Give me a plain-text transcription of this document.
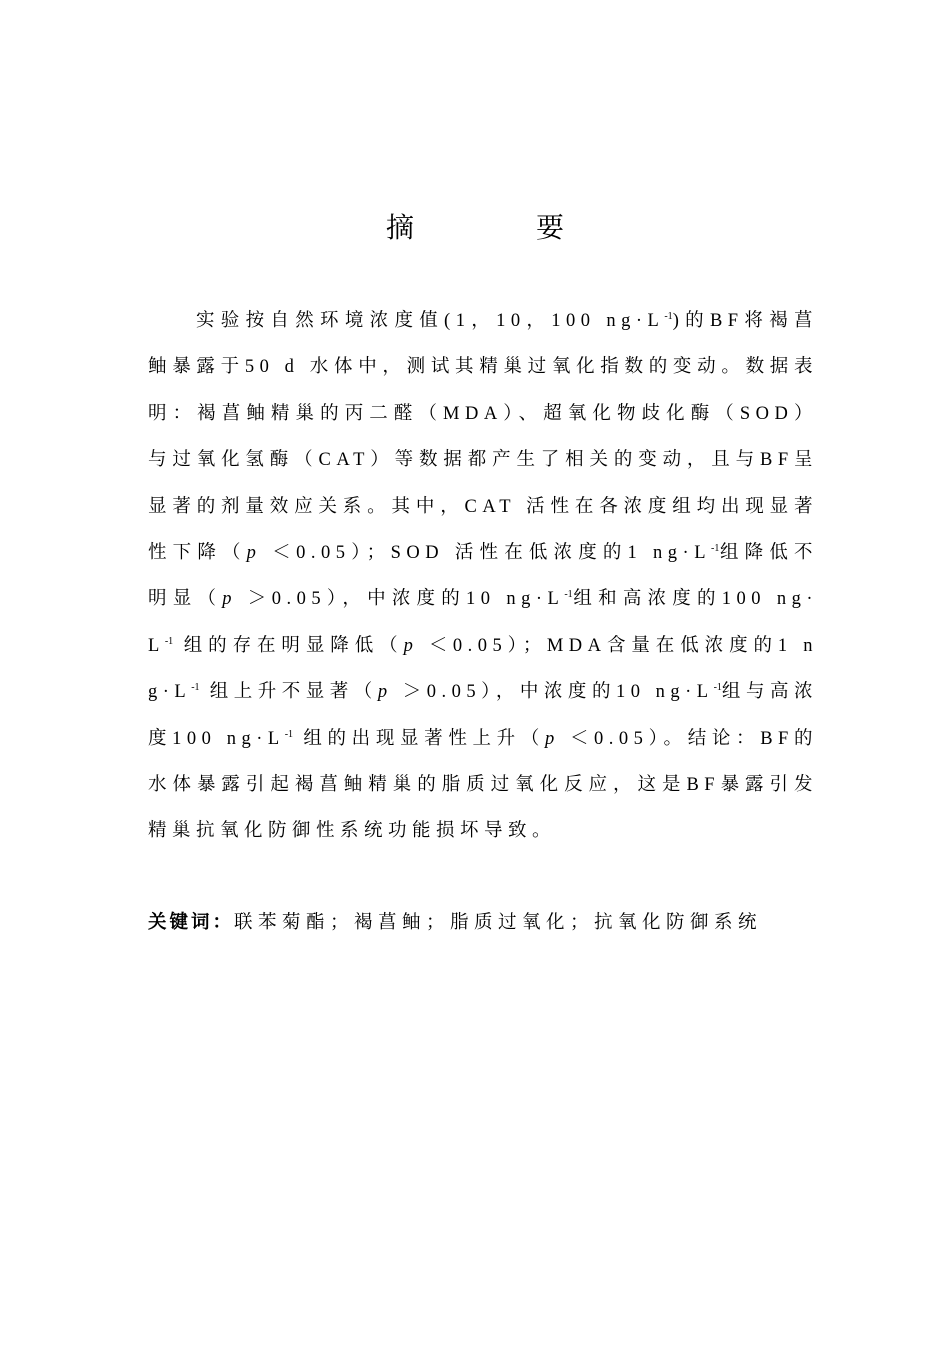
摘	要

实验按自然环境浓度值(1，10，100 $ng\cdot L^{-1}$)的BF将褐菖鲉暴露于50 d 水体中，测试其精巢过氧化指数的变动。数据表明：褐菖鲉精巢的丙二醛（MDA）、超氧化物歧化酶（SOD）与过氧化氢酶（CAT）等数据都产生了相关的变动，且与BF呈显著的剂量效应关系。其中，CAT 活性在各浓度组均出现显著性下降（p ＜0.05）；SOD 活性在低浓度的1 $ng\cdot L^{-1}$组降低不明显（p ＞0.05），中浓度的10 $ng\cdot L^{-1}$组和高浓度的100 $ng\cdot L^{-1}$ 组的存在明显降低（p ＜0.05）；MDA含量在低浓度的1 $ng\cdot L^{-1}$ 组上升不显著（p ＞0.05），中浓度的10 $ng\cdot L^{-1}$组与高浓度100 $ng\cdot L^{-1}$ 组的出现显著性上升（p ＜0.05）。结论：BF的水体暴露引起褐菖鲉精巢的脂质过氧化反应，这是BF暴露引发精巢抗氧化防御性系统功能损坏导致。

关键词：联苯菊酯；褐菖鲉；脂质过氧化；抗氧化防御系统
